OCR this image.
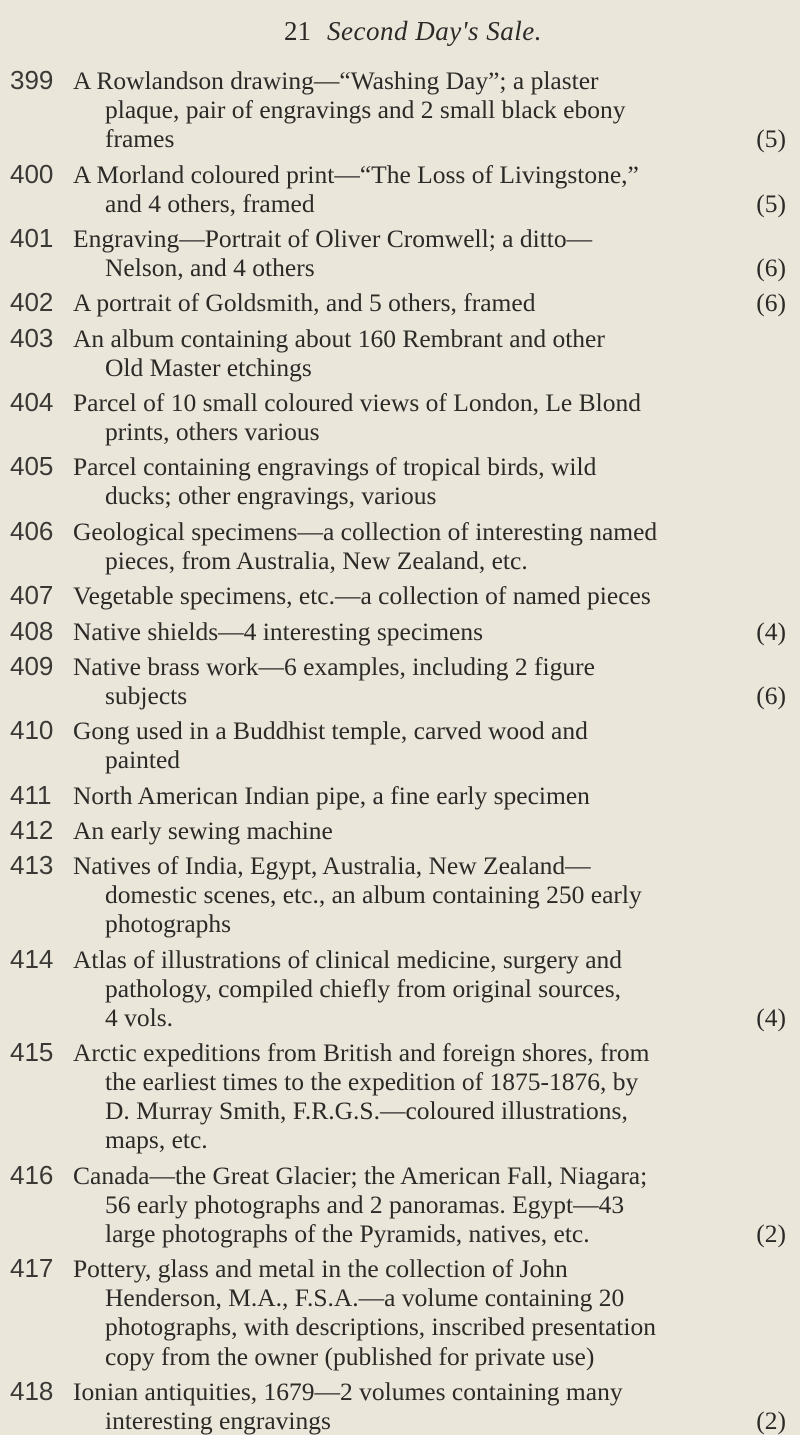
21 Second Day's Sale.
399 A Rowlandson drawing—“Washing Day”; a plaster
plaque, pair of engravings and 2 small black ebony
frames	(5)
400 A Morland coloured print—“The Loss of Livingstone,”
and 4 others, framed	(5)
401 Engraving—Portrait of Oliver Cromwell; a ditto—
Nelson, and 4 others	(6)
402 A portrait of Goldsmith, and 5 others, framed	(6)
403 An album containing about 160 Rembrant and other
Old Master etchings
404 Parcel of 10 small coloured views of London, Le Blond
prints, others various
405 Parcel containing engravings of tropical birds, wild
ducks; other engravings, various
406 Geological specimens—a collection of interesting named
pieces, from Australia, New Zealand, etc.
407 Vegetable specimens, etc.—a collection of named pieces
408 Native shields—4 interesting specimens	(4)
409 Native brass work—6 examples, including 2 figure
subjects	(6)
410 Gong used in a Buddhist temple, carved wood and
painted
411 North American Indian pipe, a fine early specimen
412 An early sewing machine
413 Natives of India, Egypt, Australia, New Zealand—
domestic scenes, etc., an album containing 250 early
photographs
414 Atlas of illustrations of clinical medicine, surgery and
pathology, compiled chiefly from original sources,
4 vols.	(4)
415 Arctic expeditions from British and foreign shores, from
the earliest times to the expedition of 1875-1876, by
D. Murray Smith, F.R.G.S.—coloured illustrations,
maps, etc.
416 Canada—the Great Glacier; the American Fall, Niagara;
56 early photographs and 2 panoramas. Egypt—43
large photographs of the Pyramids, natives, etc.	(2)
417 Pottery, glass and metal in the collection of John
Henderson, M.A., F.S.A.—a volume containing 20
photographs, with descriptions, inscribed presentation
copy from the owner (published for private use)
418 Ionian antiquities, 1679—2 volumes containing many
interesting engravings	(2)
